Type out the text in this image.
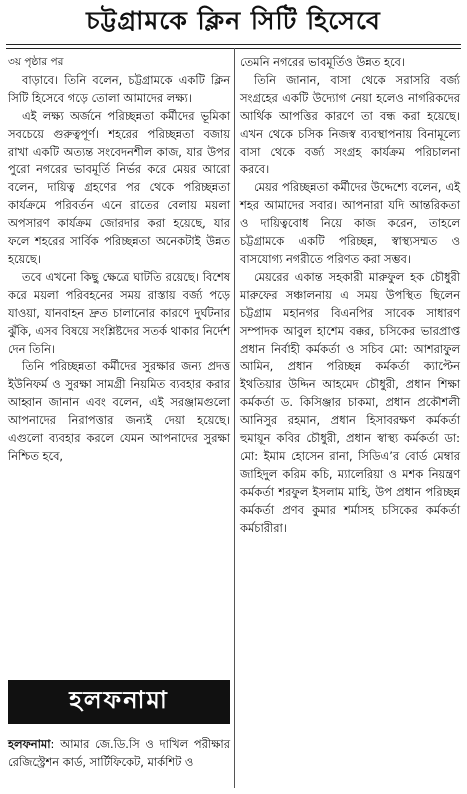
চট্টগ্রামকে ক্লিন সিটি হিসেবে

৩য় পৃষ্ঠার পর

বাড়াবে। তিনি বলেন, চট্টগ্রামকে একটি ক্লিন সিটি হিসেবে গড়ে তোলা আমাদের লক্ষ্য।

এই লক্ষ্য অর্জনে পরিচ্ছন্নতা কর্মীদের ভূমিকা সবচেয়ে গুরুত্বপূর্ণ। শহরের পরিচ্ছন্নতা বজায় রাখা একটি অত্যন্ত সংবেদনশীল কাজ, যার উপর পুরো নগরের ভাবমূর্তি নির্ভর করে মেয়র আরো বলেন, দায়িত্ব গ্রহণের পর থেকে পরিচ্ছন্নতা কার্যক্রমে পরিবর্তন এনে রাতের বেলায় ময়লা অপসারণ কার্যক্রম জোরদার করা হয়েছে, যার ফলে শহরের সার্বিক পরিচ্ছন্নতা অনেকটাই উন্নত হয়েছে।

তবে এখনো কিছু ক্ষেত্রে ঘাটতি রয়েছে। বিশেষ করে ময়লা পরিবহনের সময় রাস্তায় বর্জ্য পড়ে যাওয়া, যানবাহন দ্রুত চালানোর কারণে দুর্ঘটনার ঝুঁকি, এসব বিষয়ে সংশ্লিষ্টদের সতর্ক থাকার নির্দেশ দেন তিনি।

তিনি পরিচ্ছন্নতা কর্মীদের সুরক্ষার জন্য প্রদত্ত ইউনিফর্ম ও সুরক্ষা সামগ্রী নিয়মিত ব্যবহার করার আহ্বান জানান এবং বলেন, এই সরঞ্জামগুলো আপনাদের নিরাপত্তার জন্যই দেয়া হয়েছে। এগুলো ব্যবহার করলে যেমন আপনাদের সুরক্ষা নিশ্চিত হবে,

তেমনি নগরের ভাবমূর্তিও উন্নত হবে।

তিনি জানান, বাসা থেকে সরাসরি বর্জ্য সংগ্রহের একটি উদ্যোগ নেয়া হলেও নাগরিকদের আর্থিক আপত্তির কারণে তা বন্ধ করা হয়েছে। এখন থেকে চসিক নিজস্ব ব্যবস্থাপনায় বিনামূল্যে বাসা থেকে বর্জ্য সংগ্রহ কার্যক্রম পরিচালনা করবে।

মেয়র পরিচ্ছন্নতা কর্মীদের উদ্দেশ্যে বলেন, এই শহর আমাদের সবার। আপনারা যদি আন্তরিকতা ও দায়িত্ববোধ নিয়ে কাজ করেন, তাহলে চট্টগ্রামকে একটি পরিচ্ছন্ন, স্বাস্থ্যসম্মত ও বাসযোগ্য নগরীতে পরিণত করা সম্ভব।

মেয়রের একান্ত সহকারী মারুফুল হক চৌধুরী মারুফের সঞ্চালনায় এ সময় উপস্থিত ছিলেন চট্টগ্রাম মহানগর বিএনপির সাবেক সাধারণ সম্পাদক আবুল হাশেম বক্কর, চসিকের ভারপ্রাপ্ত প্রধান নির্বাহী কর্মকর্তা ও সচিব মো: আশরাফুল আমিন, প্রধান পরিচ্ছন্ন কর্মকর্তা ক্যাপ্টেন ইথতিয়ার উদ্দিন আহমেদ চৌধুরী, প্রধান শিক্ষা কর্মকর্তা ড. কিসিঞ্জার চাকমা, প্রধান প্রকৌশলী আনিসুর রহমান, প্রধান হিসাবরক্ষণ কর্মকর্তা হুমায়ূন কবির চৌধুরী, প্রধান স্বাস্থ্য কর্মকর্তা ডা: মো: ইমাম হোসেন রানা, সিডিএ’র বোর্ড মেম্বার জাহিদুল করিম কচি, ম্যালেরিয়া ও মশক নিয়ন্ত্রণ কর্মকর্তা শরফুল ইসলাম মাহি, উপ প্রধান পরিচ্ছন্ন কর্মকর্তা প্রণব কুমার শর্মাসহ চসিকের কর্মকর্তা কর্মচারীরা।

হলফনামা
হলফনামা: আমার জে.ডি.সি ও দাখিল পরীক্ষার রেজিস্ট্রেশন কার্ড, সার্টিফিকেট, মার্কশিট ও
